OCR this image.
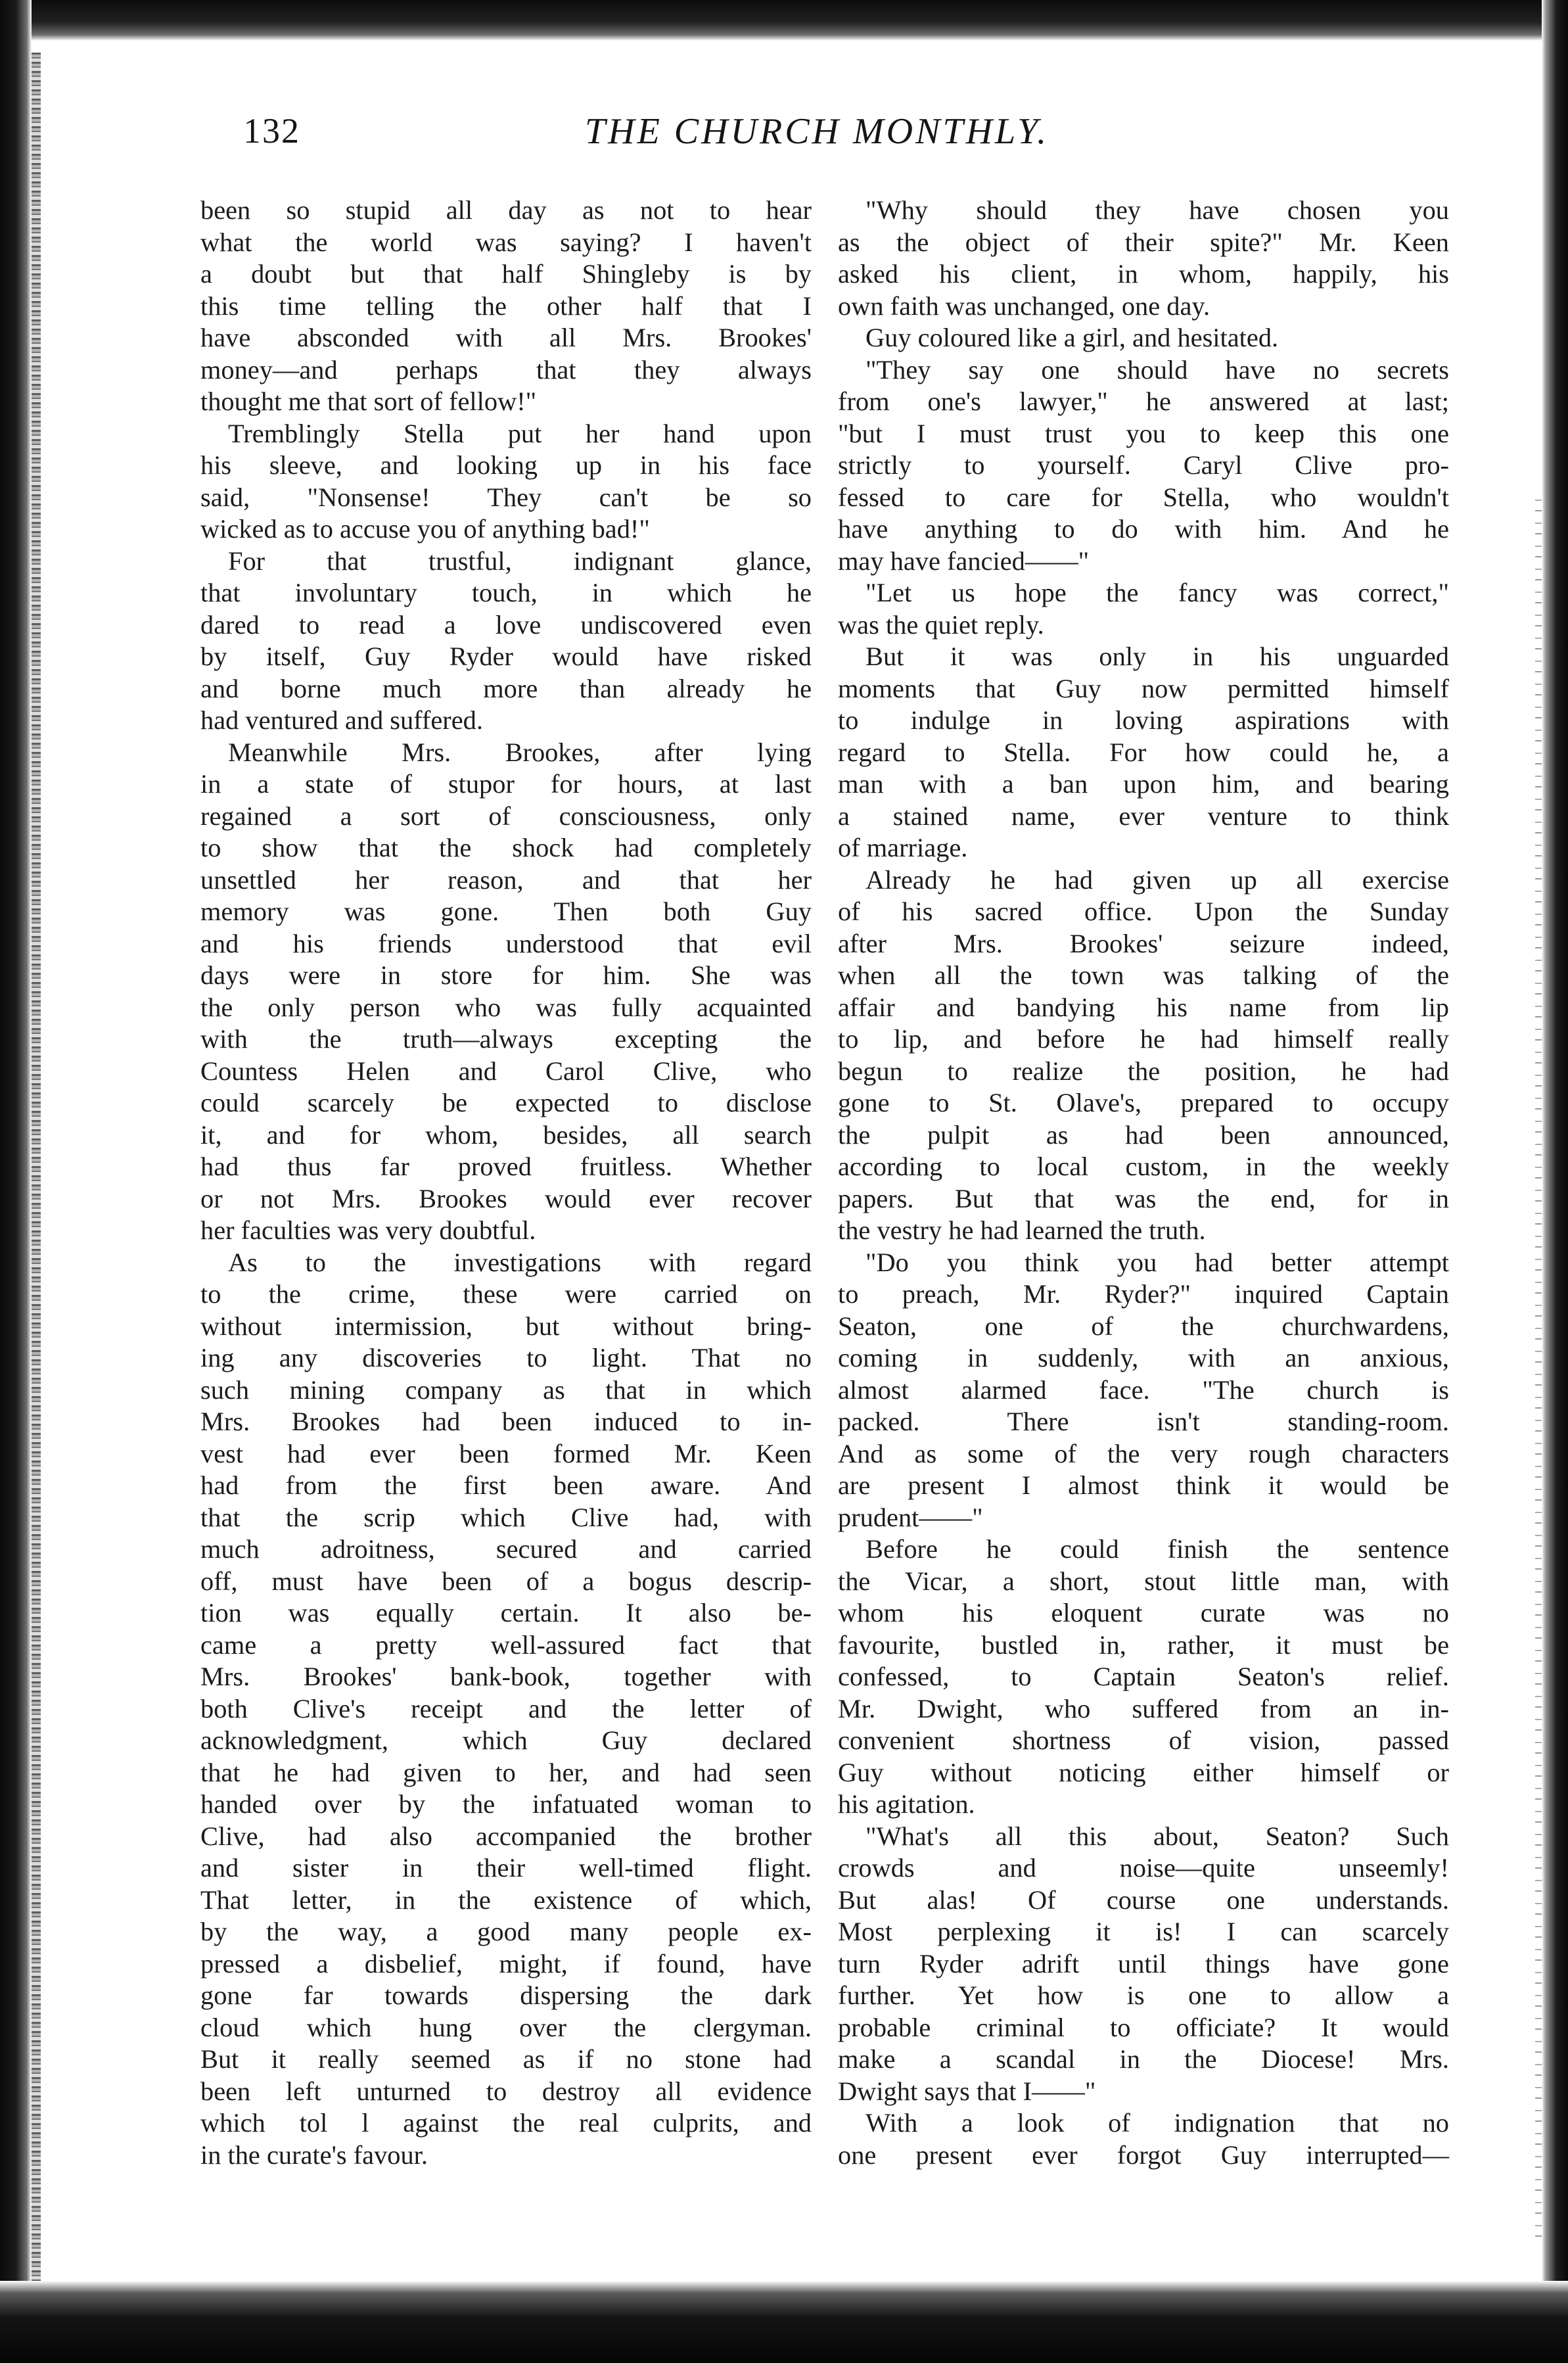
132	THE CHURCH MONTHLY.
been so stupid all day as not to hear
what the world was saying? I haven't
a doubt but that half Shingleby is by
this time telling the other half that I
have absconded with all Mrs. Brookes'
money—and perhaps that they always
thought me that sort of fellow!"
Tremblingly Stella put her hand upon
his sleeve, and looking up in his face
said, "Nonsense! They can't be so
wicked as to accuse you of anything bad!"
For that trustful, indignant glance,
that involuntary touch, in which he
dared to read a love undiscovered even
by itself, Guy Ryder would have risked
and borne much more than already he
had ventured and suffered.
Meanwhile Mrs. Brookes, after lying
in a state of stupor for hours, at last
regained a sort of consciousness, only
to show that the shock had completely
unsettled her reason, and that her
memory was gone. Then both Guy
and his friends understood that evil
days were in store for him. She was
the only person who was fully acquainted
with the truth—always excepting the
Countess Helen and Carol Clive, who
could scarcely be expected to disclose
it, and for whom, besides, all search
had thus far proved fruitless. Whether
or not Mrs. Brookes would ever recover
her faculties was very doubtful.
As to the investigations with regard
to the crime, these were carried on
without intermission, but without bring-
ing any discoveries to light. That no
such mining company as that in which
Mrs. Brookes had been induced to in-
vest had ever been formed Mr. Keen
had from the first been aware. And
that the scrip which Clive had, with
much adroitness, secured and carried
off, must have been of a bogus descrip-
tion was equally certain. It also be-
came a pretty well-assured fact that
Mrs. Brookes' bank-book, together with
both Clive's receipt and the letter of
acknowledgment, which Guy declared
that he had given to her, and had seen
handed over by the infatuated woman to
Clive, had also accompanied the brother
and sister in their well-timed flight.
That letter, in the existence of which,
by the way, a good many people ex-
pressed a disbelief, might, if found, have
gone far towards dispersing the dark
cloud which hung over the clergyman.
But it really seemed as if no stone had
been left unturned to destroy all evidence
which tol l against the real culprits, and
in the curate's favour.
"Why should they have chosen you
as the object of their spite?" Mr. Keen
asked his client, in whom, happily, his
own faith was unchanged, one day.
Guy coloured like a girl, and hesitated.
"They say one should have no secrets
from one's lawyer," he answered at last;
"but I must trust you to keep this one
strictly to yourself. Caryl Clive pro-
fessed to care for Stella, who wouldn't
have anything to do with him. And he
may have fancied——"
"Let us hope the fancy was correct,"
was the quiet reply.
But it was only in his unguarded
moments that Guy now permitted himself
to indulge in loving aspirations with
regard to Stella. For how could he, a
man with a ban upon him, and bearing
a stained name, ever venture to think
of marriage.
Already he had given up all exercise
of his sacred office. Upon the Sunday
after Mrs. Brookes' seizure indeed,
when all the town was talking of the
affair and bandying his name from lip
to lip, and before he had himself really
begun to realize the position, he had
gone to St. Olave's, prepared to occupy
the pulpit as had been announced,
according to local custom, in the weekly
papers. But that was the end, for in
the vestry he had learned the truth.
"Do you think you had better attempt
to preach, Mr. Ryder?" inquired Captain
Seaton, one of the churchwardens,
coming in suddenly, with an anxious,
almost alarmed face. "The church is
packed. There isn't standing-room.
And as some of the very rough characters
are present I almost think it would be
prudent——"
Before he could finish the sentence
the Vicar, a short, stout little man, with
whom his eloquent curate was no
favourite, bustled in, rather, it must be
confessed, to Captain Seaton's relief.
Mr. Dwight, who suffered from an in-
convenient shortness of vision, passed
Guy without noticing either himself or
his agitation.
"What's all this about, Seaton? Such
crowds and noise—quite unseemly!
But alas! Of course one understands.
Most perplexing it is! I can scarcely
turn Ryder adrift until things have gone
further. Yet how is one to allow a
probable criminal to officiate? It would
make a scandal in the Diocese! Mrs.
Dwight says that I——"
With a look of indignation that no
one present ever forgot Guy interrupted—
